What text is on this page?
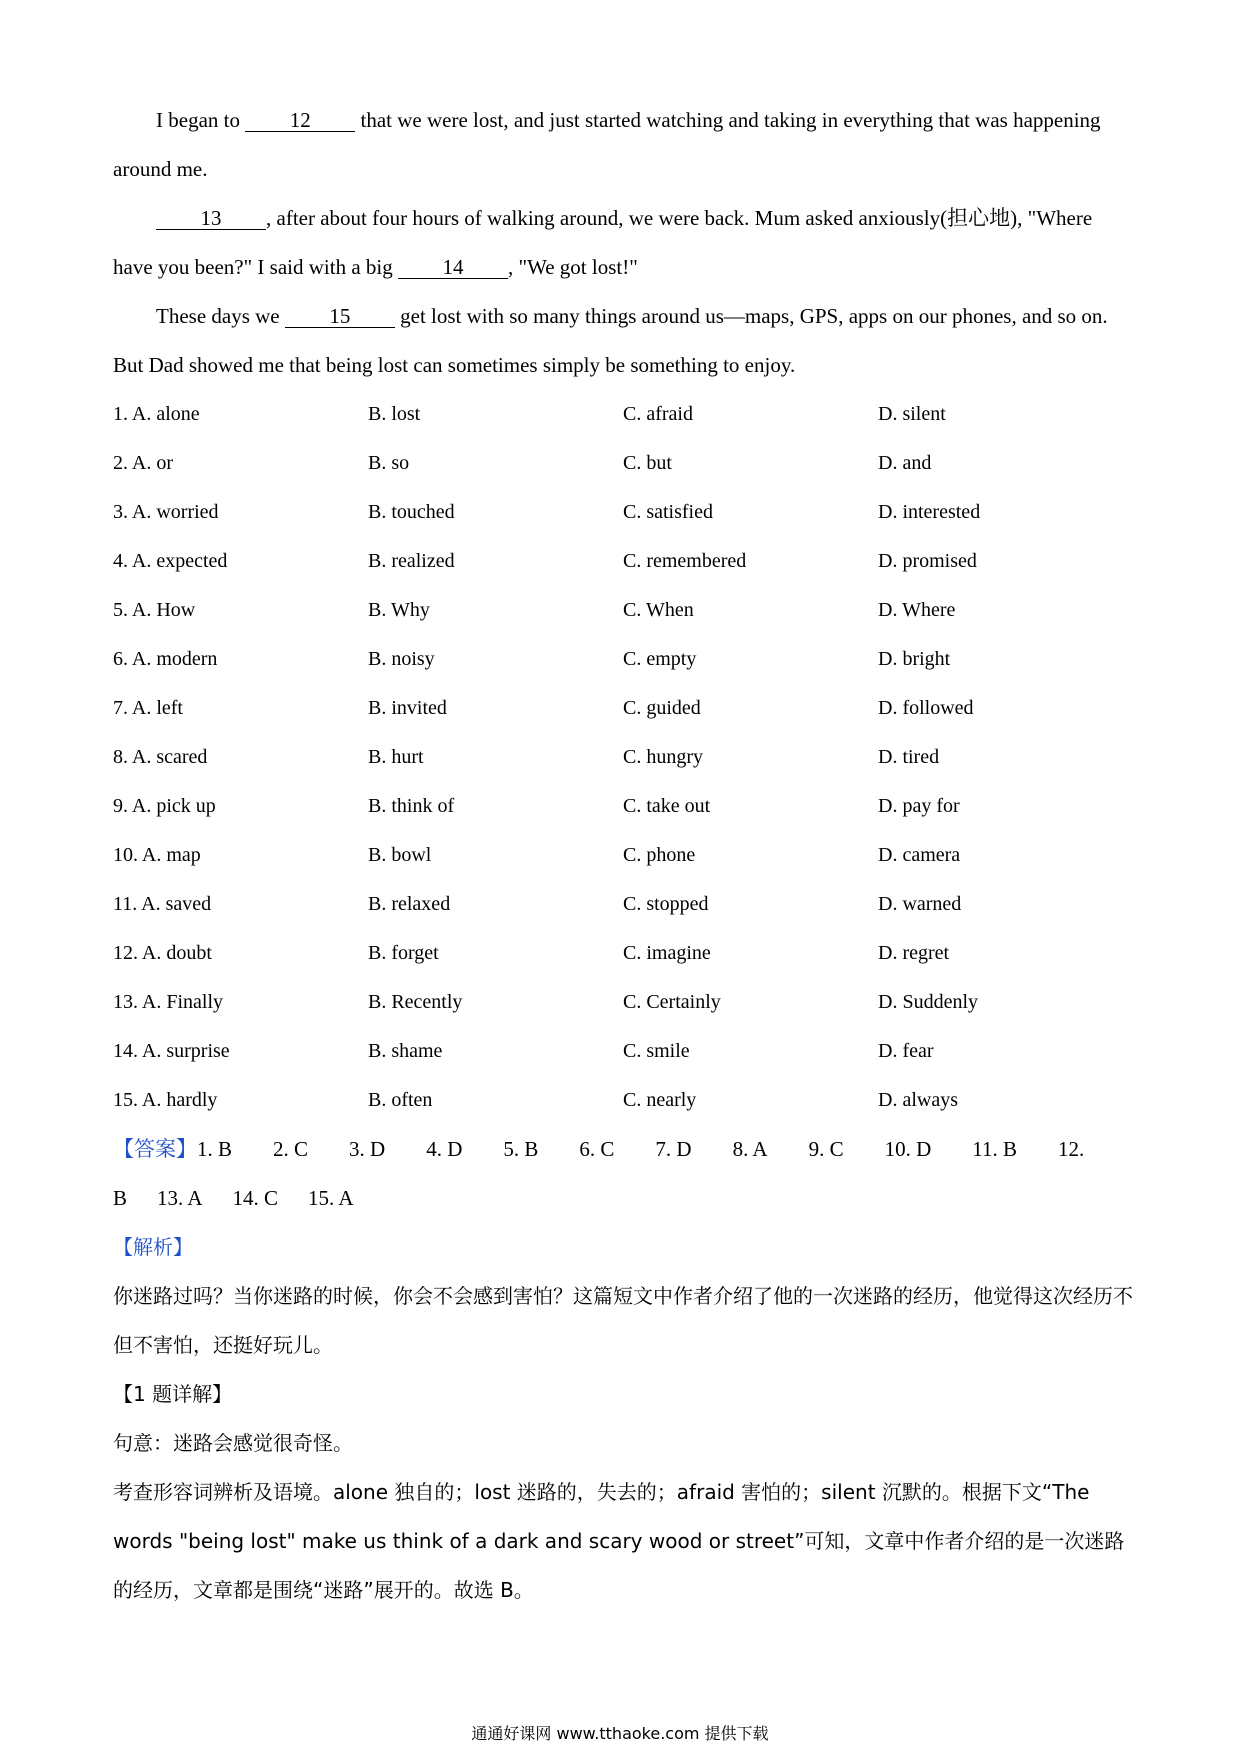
I began to 12 that we were lost, and just started watching and taking in everything that was happening around me.

13 , after about four hours of walking around, we were back. Mum asked anxiously(担心地), "Where have you been?" I said with a big 14 , "We got lost!"

These days we 15 get lost with so many things around us—maps, GPS, apps on our phones, and so on. But Dad showed me that being lost can sometimes simply be something to enjoy.

1. A. alone	B. lost	C. afraid	D. silent
2. A. or	B. so	C. but	D. and
3. A. worried	B. touched	C. satisfied	D. interested
4. A. expected	B. realized	C. remembered	D. promised
5. A. How	B. Why	C. When	D. Where
6. A. modern	B. noisy	C. empty	D. bright
7. A. left	B. invited	C. guided	D. followed
8. A. scared	B. hurt	C. hungry	D. tired
9. A. pick up	B. think of	C. take out	D. pay for
10. A. map	B. bowl	C. phone	D. camera
11. A. saved	B. relaxed	C. stopped	D. warned
12. A. doubt	B. forget	C. imagine	D. regret
13. A. Finally	B. Recently	C. Certainly	D. Suddenly
14. A. surprise	B. shame	C. smile	D. fear
15. A. hardly	B. often	C. nearly	D. always
【答案】1. B 2. C 3. D 4. D 5. B 6. C 7. D 8. A 9. C 10. D 11. B 12.
B 13. A 14. C 15. A
【解析】

你迷路过吗？当你迷路的时候，你会不会感到害怕？这篇短文中作者介绍了他的一次迷路的经历，他觉得这次经历不但不害怕，还挺好玩儿。

【1 题详解】

句意：迷路会感觉很奇怪。

考查形容词辨析及语境。alone 独自的；lost 迷路的，失去的；afraid 害怕的；silent 沉默的。根据下文“The words "being lost" make us think of a dark and scary wood or street”可知，文章中作者介绍的是一次迷路的经历，文章都是围绕“迷路”展开的。故选 B。

通通好课网 www.tthaoke.com 提供下载
